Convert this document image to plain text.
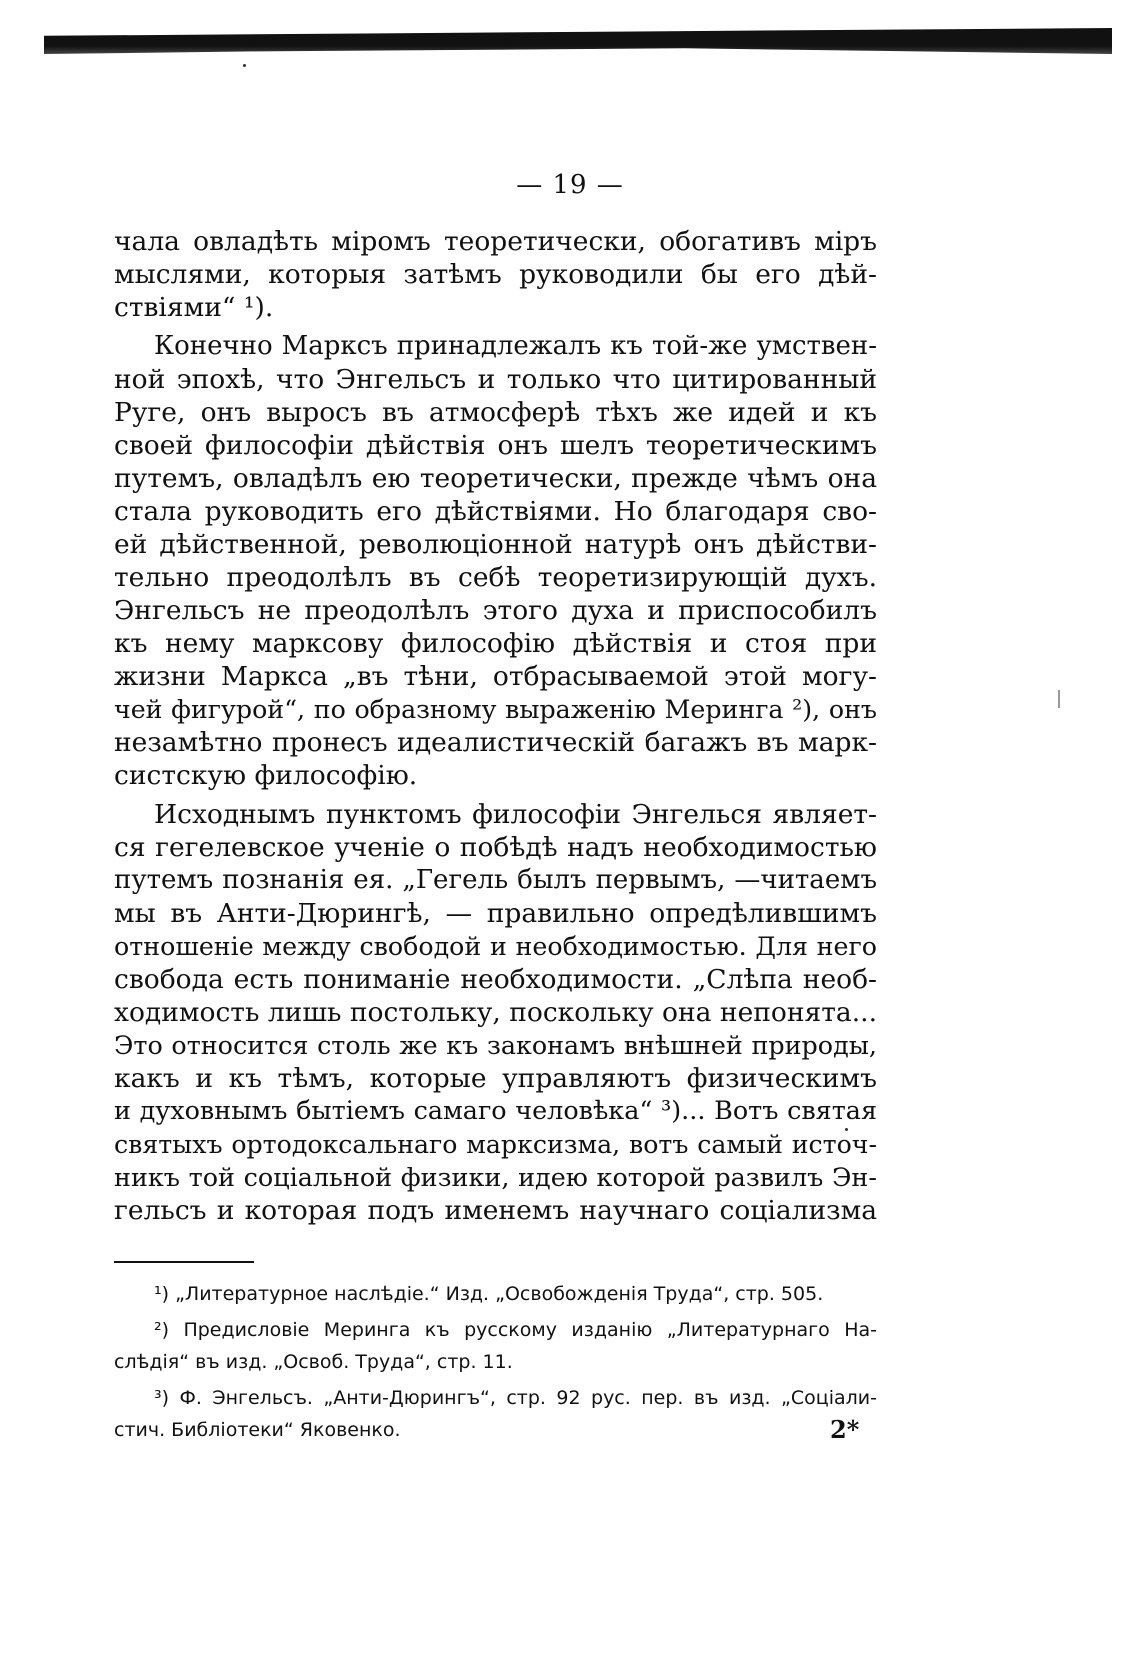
— 19 —

чала овладѣть міромъ теоретически, обогативъ міръ
мыслями, которыя затѣмъ руководили бы его дѣй-
ствіями“ ¹).

Конечно Марксъ принадлежалъ къ той-же умствен-
ной эпохѣ, что Энгельсъ и только что цитированный
Руге, онъ выросъ въ атмосферѣ тѣхъ же идей и къ
своей философіи дѣйствія онъ шелъ теоретическимъ
путемъ, овладѣлъ ею теоретически, прежде чѣмъ она
стала руководить его дѣйствіями. Но благодаря сво-
ей дѣйственной, революціонной натурѣ онъ дѣйстви-
тельно преодолѣлъ въ себѣ теоретизирующій духъ.
Энгельсъ не преодолѣлъ этого духа и приспособилъ
къ нему марксову философію дѣйствія и стоя при
жизни Маркса „въ тѣни, отбрасываемой этой могу-
чей фигурой“, по образному выраженію Меринга ²), онъ
незамѣтно пронесъ идеалистическій багажъ въ марк-
систскую философію.

Исходнымъ пунктомъ философіи Энгелься являет-
ся гегелевское ученіе о побѣдѣ надъ необходимостью
путемъ познанія ея. „Гегель былъ первымъ, —читаемъ
мы въ Анти-Дюрингѣ, — правильно опредѣлившимъ
отношеніе между свободой и необходимостью. Для него
свобода есть пониманіе необходимости. „Слѣпа необ-
ходимость лишь постольку, поскольку она непонята...
Это относится столь же къ законамъ внѣшней природы,
какъ и къ тѣмъ, которые управляютъ физическимъ
и духовнымъ бытіемъ самаго человѣка“ ³)... Вотъ святая
святыхъ ортодоксальнаго марксизма, вотъ самый источ-
никъ той соціальной физики, идею которой развилъ Эн-
гельсъ и которая подъ именемъ научнаго соціализма

¹) „Литературное наслѣдіе.“ Изд. „Освобожденія Труда“, стр. 505.

²) Предисловіе Меринга къ русскому изданію „Литературнаго На-
слѣдія“ въ изд. „Освоб. Труда“, стр. 11.

³) Ф. Энгельсъ. „Анти-Дюрингъ“, стр. 92 рус. пер. въ изд. „Соціали-
стич. Библіотеки“ Яковенко.	2*
